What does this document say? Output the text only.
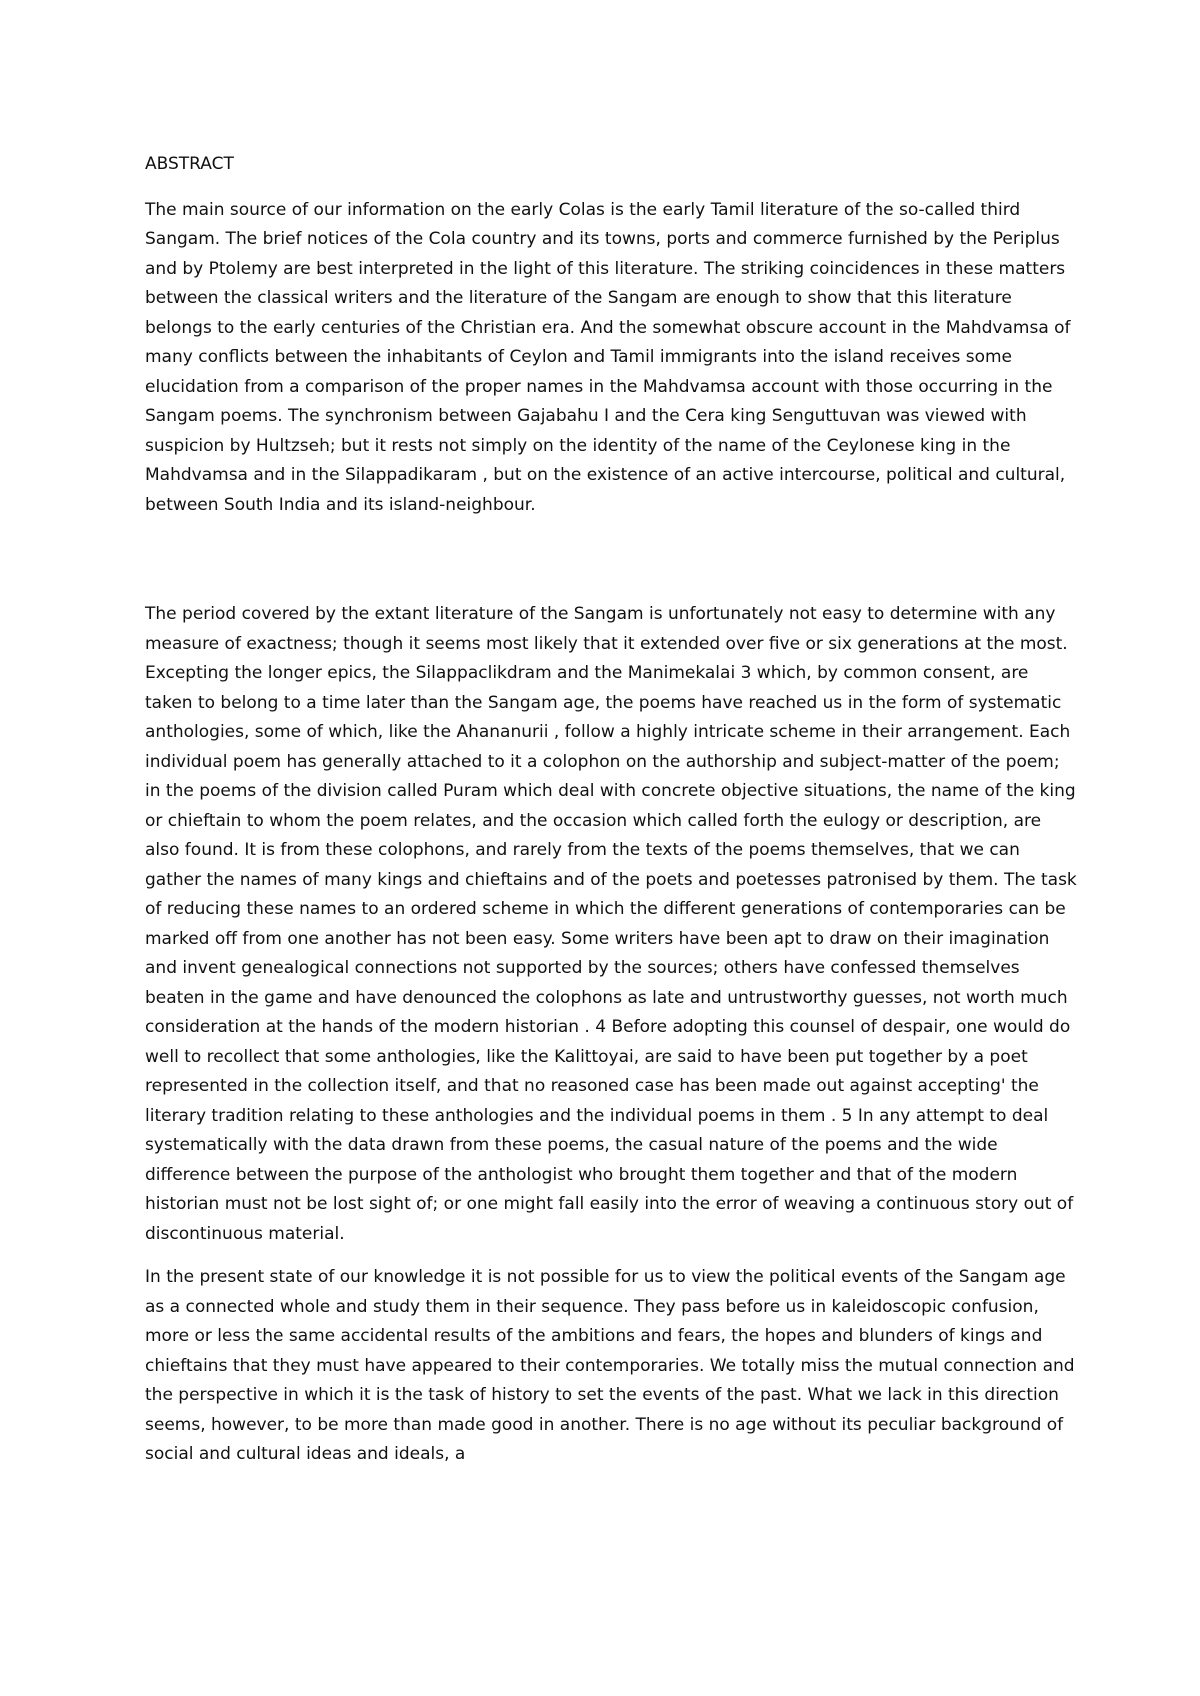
ABSTRACT

The main source of our information on the early Colas is the early Tamil literature of the so-called third Sangam. The brief notices of the Cola country and its towns, ports and commerce furnished by the Periplus and by Ptolemy are best interpreted in the light of this literature. The striking coincidences in these matters between the classical writers and the literature of the Sangam are enough to show that this literature belongs to the early centuries of the Christian era. And the somewhat obscure account in the Mahdvamsa of many conflicts between the inhabitants of Ceylon and Tamil immigrants into the island receives some elucidation from a comparison of the proper names in the Mahdvamsa account with those occurring in the Sangam poems. The synchronism between Gajabahu I and the Cera king Senguttuvan was viewed with suspicion by Hultzseh; but it rests not simply on the identity of the name of the Ceylonese king in the Mahdvamsa and in the Silappadikaram , but on the existence of an active intercourse, political and cultural, between South India and its island-neighbour.

The period covered by the extant literature of the Sangam is unfortunately not easy to determine with any measure of exactness; though it seems most likely that it extended over five or six generations at the most. Excepting the longer epics, the Silappaclikdram and the Manimekalai 3 which, by common consent, are taken to belong to a time later than the Sangam age, the poems have reached us in the form of systematic anthologies, some of which, like the Ahananurii , follow a highly intricate scheme in their arrangement. Each individual poem has generally attached to it a colophon on the authorship and subject-matter of the poem; in the poems of the division called Puram which deal with concrete objective situations, the name of the king or chieftain to whom the poem relates, and the occasion which called forth the eulogy or description, are also found. It is from these colophons, and rarely from the texts of the poems themselves, that we can gather the names of many kings and chieftains and of the poets and poetesses patronised by them. The task of reducing these names to an ordered scheme in which the different generations of contemporaries can be marked off from one another has not been easy. Some writers have been apt to draw on their imagination and invent genealogical connections not supported by the sources; others have confessed themselves beaten in the game and have denounced the colophons as late and untrustworthy guesses, not worth much consideration at the hands of the modern historian . 4 Before adopting this counsel of despair, one would do well to recollect that some anthologies, like the Kalittoyai, are said to have been put together by a poet represented in the collection itself, and that no reasoned case has been made out against accepting' the literary tradition relating to these anthologies and the individual poems in them . 5 In any attempt to deal systematically with the data drawn from these poems, the casual nature of the poems and the wide difference between the purpose of the anthologist who brought them together and that of the modern historian must not be lost sight of; or one might fall easily into the error of weaving a continuous story out of discontinuous material.

In the present state of our knowledge it is not possible for us to view the political events of the Sangam age as a connected whole and study them in their sequence. They pass before us in kaleidoscopic confusion, more or less the same accidental results of the ambitions and fears, the hopes and blunders of kings and chieftains that they must have appeared to their contemporaries. We totally miss the mutual connection and the perspective in which it is the task of history to set the events of the past. What we lack in this direction seems, however, to be more than made good in another. There is no age without its peculiar background of social and cultural ideas and ideals, a
